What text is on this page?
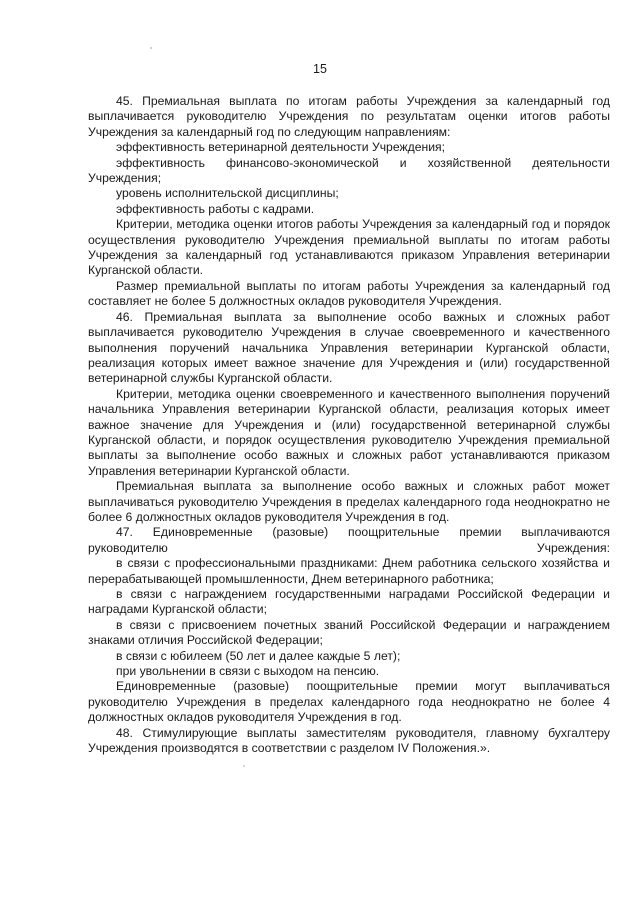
15

45. Премиальная выплата по итогам работы Учреждения за календарный год выплачивается руководителю Учреждения по результатам оценки итогов работы Учреждения за календарный год по следующим направлениям:

эффективность ветеринарной деятельности Учреждения;

эффективность финансово-экономической и хозяйственной деятельности Учреждения;

уровень исполнительской дисциплины;

эффективность работы с кадрами.

Критерии, методика оценки итогов работы Учреждения за календарный год и порядок осуществления руководителю Учреждения премиальной выплаты по итогам работы Учреждения за календарный год устанавливаются приказом Управления ветеринарии Курганской области.

Размер премиальной выплаты по итогам работы Учреждения за календарный год составляет не более 5 должностных окладов руководителя Учреждения.

46. Премиальная выплата за выполнение особо важных и сложных работ выплачивается руководителю Учреждения в случае своевременного и качественного выполнения поручений начальника Управления ветеринарии Курганской области, реализация которых имеет важное значение для Учреждения и (или) государственной ветеринарной службы Курганской области.

Критерии, методика оценки своевременного и качественного выполнения поручений начальника Управления ветеринарии Курганской области, реализация которых имеет важное значение для Учреждения и (или) государственной ветеринарной службы Курганской области, и порядок осуществления руководителю Учреждения премиальной выплаты за выполнение особо важных и сложных работ устанавливаются приказом Управления ветеринарии Курганской области.

Премиальная выплата за выполнение особо важных и сложных работ может выплачиваться руководителю Учреждения в пределах календарного года неоднократно не более 6 должностных окладов руководителя Учреждения в год.

47. Единовременные (разовые) поощрительные премии выплачиваются руководителю Учреждения:

в связи с профессиональными праздниками: Днем работника сельского хозяйства и перерабатывающей промышленности, Днем ветеринарного работника;

в связи с награждением государственными наградами Российской Федерации и наградами Курганской области;

в связи с присвоением почетных званий Российской Федерации и награждением знаками отличия Российской Федерации;

в связи с юбилеем (50 лет и далее каждые 5 лет);

при увольнении в связи с выходом на пенсию.

Единовременные (разовые) поощрительные премии могут выплачиваться руководителю Учреждения в пределах календарного года неоднократно не более 4 должностных окладов руководителя Учреждения в год.

48. Стимулирующие выплаты заместителям руководителя, главному бухгалтеру Учреждения производятся в соответствии с разделом IV Положения.».
